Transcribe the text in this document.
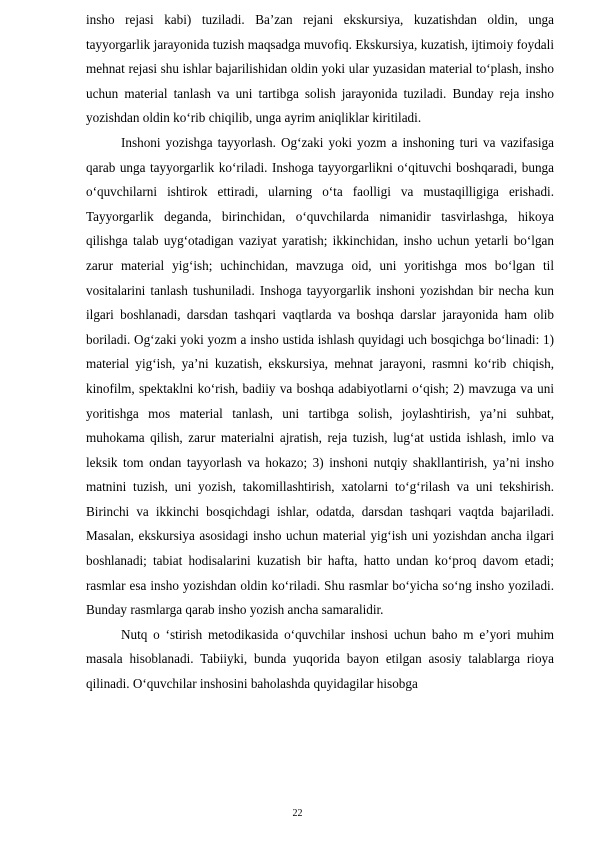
insho rejasi kabi) tuziladi. Ba’zan rejani ekskursiya, kuzatishdan oldin, unga tayyorgarlik jarayonida tuzish maqsadga muvofiq. Ekskursiya, kuzatish, ijtimoiy foydali mehnat rejasi shu ishlar bajarilishidan oldin yoki ular yuzasidan material to‘plash, insho uchun material tanlash va uni tartibga solish jarayonida tuziladi. Bunday reja insho yozishdan oldin ko‘rib chiqilib, unga ayrim aniqliklar kiritiladi.

Inshoni yozishga tayyorlash. Og‘zaki yoki yozm a inshoning turi va vazifasiga qarab unga tayyorgarlik ko‘riladi. Inshoga tayyorgarlikni o‘qituvchi boshqaradi, bunga o‘quvchilarni ishtirok ettiradi, ularning o‘ta faolligi va mustaqilligiga erishadi. Tayyorgarlik deganda, birinchidan, o‘quvchilarda nimanidir tasvirlashga, hikoya qilishga talab uyg‘otadigan vaziyat yaratish; ikkinchidan, insho uchun yetarli bo‘lgan zarur material yig‘ish; uchinchidan, mavzuga oid, uni yoritishga mos bo‘lgan til vositalarini tanlash tushuniladi. Inshoga tayyorgarlik inshoni yozishdan bir necha kun ilgari boshlanadi, darsdan tashqari vaqtlarda va boshqa darslar jarayonida ham olib boriladi. Og‘zaki yoki yozm a insho ustida ishlash quyidagi uch bosqichga bo‘linadi: 1) material yig‘ish, ya’ni kuzatish, ekskursiya, mehnat jarayoni, rasmni ko‘rib chiqish, kinofilm, spektaklni ko‘rish, badiiy va boshqa adabiyotlarni o‘qish; 2) mavzuga va uni yoritishga mos material tanlash, uni tartibga solish, joylashtirish, ya’ni suhbat, muhokama qilish, zarur materialni ajratish, reja tuzish, lug‘at ustida ishlash, imlo va leksik tom ondan tayyorlash va hokazo; 3) inshoni nutqiy shakllantirish, ya’ni insho matnini tuzish, uni yozish, takomillashtirish, xatolarni to‘g‘rilash va uni tekshirish. Birinchi va ikkinchi bosqichdagi ishlar, odatda, darsdan tashqari vaqtda bajariladi. Masalan, ekskursiya asosidagi insho uchun material yig‘ish uni yozishdan ancha ilgari boshlanadi; tabiat hodisalarini kuzatish bir hafta, hatto undan ko‘proq davom etadi; rasmlar esa insho yozishdan oldin ko‘riladi. Shu rasmlar bo‘yicha so‘ng insho yoziladi. Bunday rasmlarga qarab insho yozish ancha samaralidir.

Nutq o ‘stirish metodikasida o‘quvchilar inshosi uchun baho m e’yori muhim masala hisoblanadi. Tabiiyki, bunda yuqorida bayon etilgan asosiy talablarga rioya qilinadi. O‘quvchilar inshosini baholashda quyidagilar hisobga

22
